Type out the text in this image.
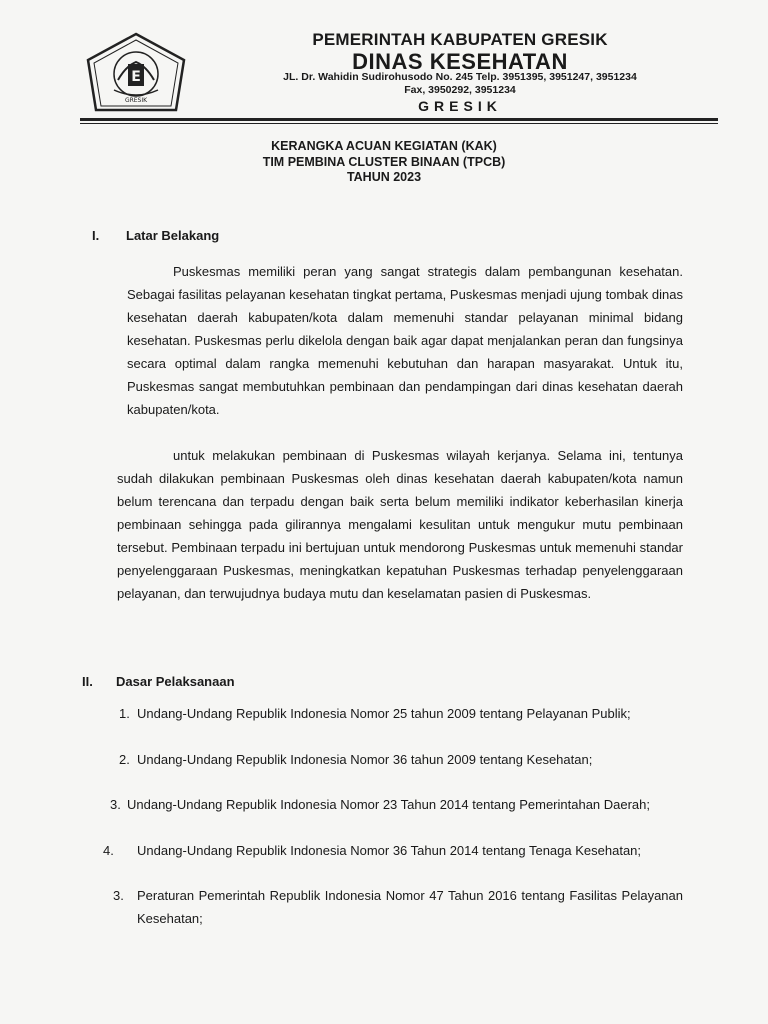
E
GRESIK
PEMERINTAH KABUPATEN GRESIK
DINAS KESEHATAN
JL. Dr. Wahidin Sudirohusodo No. 245 Telp. 3951395, 3951247, 3951234
Fax, 3950292, 3951234
GRESIK
KERANGKA ACUAN KEGIATAN (KAK)
TIM PEMBINA CLUSTER BINAAN (TPCB)
TAHUN 2023
I. Latar Belakang
Puskesmas memiliki peran yang sangat strategis dalam pembangunan kesehatan. Sebagai fasilitas pelayanan kesehatan tingkat pertama, Puskesmas menjadi ujung tombak dinas kesehatan daerah kabupaten/kota dalam memenuhi standar pelayanan minimal bidang kesehatan. Puskesmas perlu dikelola dengan baik agar dapat menjalankan peran dan fungsinya secara optimal dalam rangka memenuhi kebutuhan dan harapan masyarakat. Untuk itu, Puskesmas sangat membutuhkan pembinaan dan pendampingan dari dinas kesehatan daerah kabupaten/kota.
untuk melakukan pembinaan di Puskesmas wilayah kerjanya. Selama ini, tentunya sudah dilakukan pembinaan Puskesmas oleh dinas kesehatan daerah kabupaten/kota namun belum terencana dan terpadu dengan baik serta belum memiliki indikator keberhasilan kinerja pembinaan sehingga pada gilirannya mengalami kesulitan untuk mengukur mutu pembinaan tersebut. Pembinaan terpadu ini bertujuan untuk mendorong Puskesmas untuk memenuhi standar penyelenggaraan Puskesmas, meningkatkan kepatuhan Puskesmas terhadap penyelenggaraan pelayanan, dan terwujudnya budaya mutu dan keselamatan pasien di Puskesmas.
II. Dasar Pelaksanaan
1. Undang-Undang Republik Indonesia Nomor 25 tahun 2009 tentang Pelayanan Publik;
2. Undang-Undang Republik Indonesia Nomor 36 tahun 2009 tentang Kesehatan;
3. Undang-Undang Republik Indonesia Nomor 23 Tahun 2014 tentang Pemerintahan Daerah;
4. Undang-Undang Republik Indonesia Nomor 36 Tahun 2014 tentang Tenaga Kesehatan;
3. Peraturan Pemerintah Republik Indonesia Nomor 47 Tahun 2016 tentang Fasilitas Pelayanan Kesehatan;
